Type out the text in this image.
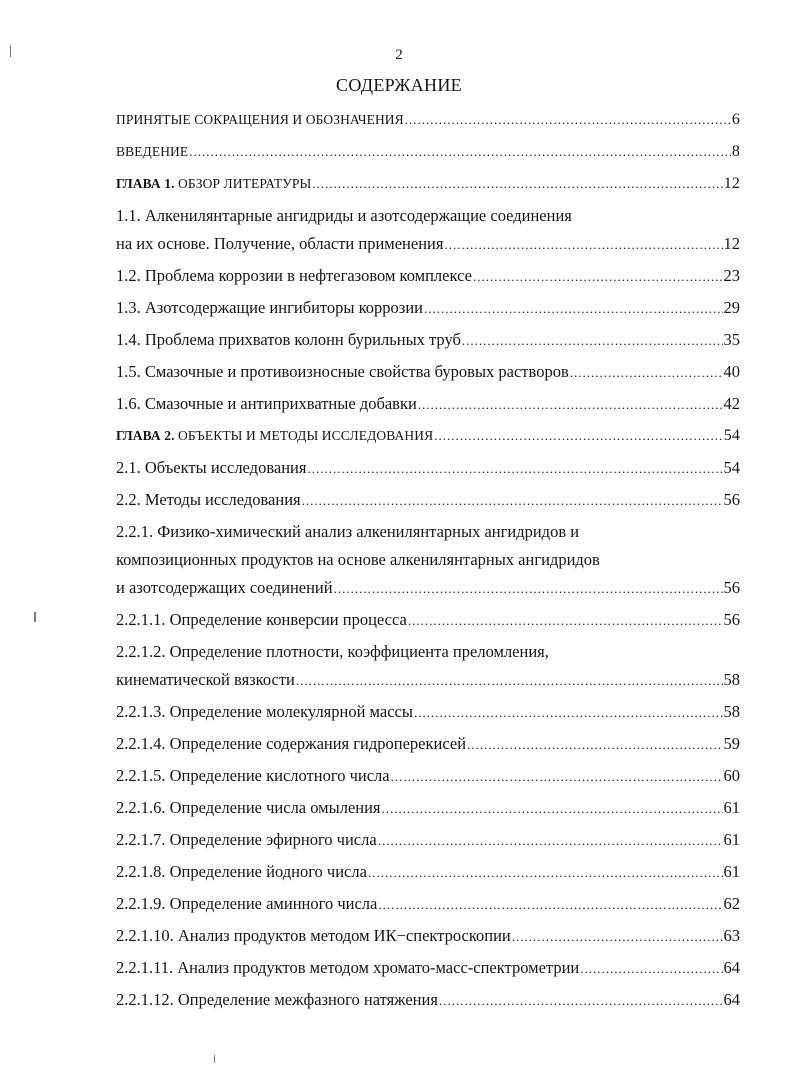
2
СОДЕРЖАНИЕ
ПРИНЯТЫЕ СОКРАЩЕНИЯ И ОБОЗНАЧЕНИЯ .....	6
ВВЕДЕНИЕ .....	8
ГЛАВА 1. ОБЗОР ЛИТЕРАТУРЫ .....	12
1.1. Алкенилянтарные ангидриды и азотсодержащие соединения
на их основе. Получение, области применения .....	12
1.2. Проблема коррозии в нефтегазовом комплексе .....	23
1.3. Азотсодержащие ингибиторы коррозии .....	29
1.4. Проблема прихватов колонн бурильных труб .....	35
1.5. Смазочные и противоизносные свойства буровых растворов .....	40
1.6. Смазочные и антиприхватные добавки .....	42
ГЛАВА 2. ОБЪЕКТЫ И МЕТОДЫ ИССЛЕДОВАНИЯ .....	54
2.1. Объекты исследования .....	54
2.2. Методы исследования .....	56
2.2.1. Физико-химический анализ алкенилянтарных ангидридов и
композиционных продуктов на основе алкенилянтарных ангидридов
и азотсодержащих соединений .....	56
2.2.1.1. Определение конверсии процесса .....	56
2.2.1.2. Определение плотности, коэффициента преломления,
кинематической вязкости .....	58
2.2.1.3. Определение молекулярной массы .....	58
2.2.1.4. Определение содержания гидроперекисей .....	59
2.2.1.5. Определение кислотного числа .....	60
2.2.1.6. Определение числа омыления .....	61
2.2.1.7. Определение эфирного числа .....	61
2.2.1.8. Определение йодного числа .....	61
2.2.1.9. Определение аминного числа .....	62
2.2.1.10. Анализ продуктов методом ИК−спектроскопии .....	63
2.2.1.11. Анализ продуктов методом хромато-масс-спектрометрии .....	64
2.2.1.12. Определение межфазного натяжения .....	64
